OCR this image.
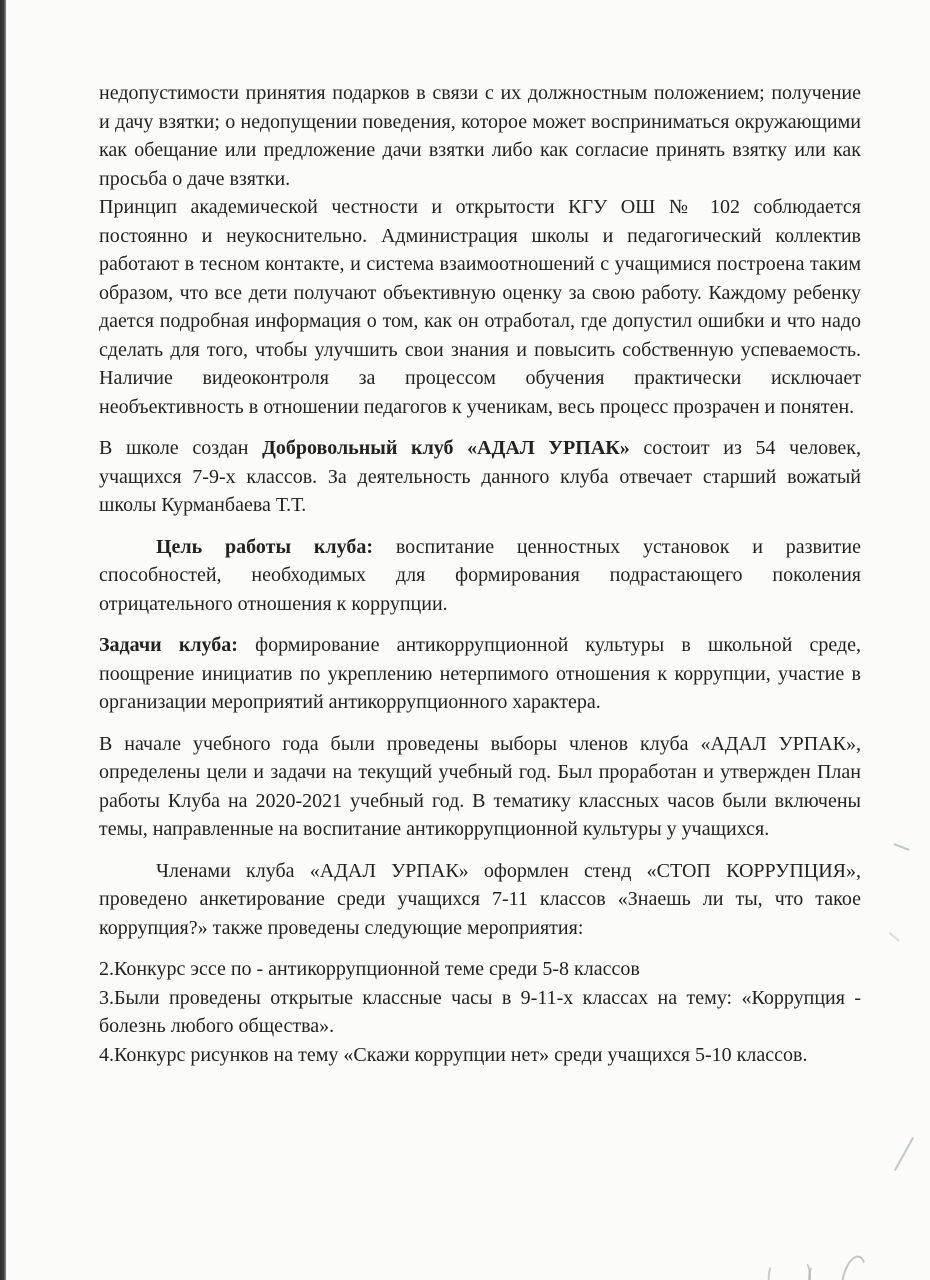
недопустимости принятия подарков в связи с их должностным положением; получение и дачу взятки; о недопущении поведения, которое может восприниматься окружающими как обещание или предложение дачи взятки либо как согласие принять взятку или как просьба о даче взятки.

Принцип академической честности и открытости КГУ ОШ № 102 соблюдается постоянно и неукоснительно. Администрация школы и педагогический коллектив работают в тесном контакте, и система взаимоотношений с учащимися построена таким образом, что все дети получают объективную оценку за свою работу. Каждому ребенку дается подробная информация о том, как он отработал, где допустил ошибки и что надо сделать для того, чтобы улучшить свои знания и повысить собственную успеваемость. Наличие видеоконтроля за процессом обучения практически исключает необъективность в отношении педагогов к ученикам, весь процесс прозрачен и понятен.

В школе создан Добровольный клуб «АДАЛ УРПАК» состоит из 54 человек, учащихся 7-9-х классов. За деятельность данного клуба отвечает старший вожатый школы Курманбаева Т.Т.

Цель работы клуба: воспитание ценностных установок и развитие способностей, необходимых для формирования подрастающего поколения отрицательного отношения к коррупции.

Задачи клуба: формирование антикоррупционной культуры в школьной среде, поощрение инициатив по укреплению нетерпимого отношения к коррупции, участие в организации мероприятий антикоррупционного характера.

В начале учебного года были проведены выборы членов клуба «АДАЛ УРПАК», определены цели и задачи на текущий учебный год. Был проработан и утвержден План работы Клуба на 2020-2021 учебный год. В тематику классных часов были включены темы, направленные на воспитание антикоррупционной культуры у учащихся.

Членами клуба «АДАЛ УРПАК» оформлен стенд «СТОП КОРРУПЦИЯ», проведено анкетирование среди учащихся 7-11 классов «Знаешь ли ты, что такое коррупция?» также проведены следующие мероприятия:

2.Конкурс эссе по - антикоррупционной теме среди 5-8 классов

3.Были проведены открытые классные часы в 9-11-х классах на тему: «Коррупция - болезнь любого общества».

4.Конкурс рисунков на тему «Скажи коррупции нет» среди учащихся 5-10 классов.
